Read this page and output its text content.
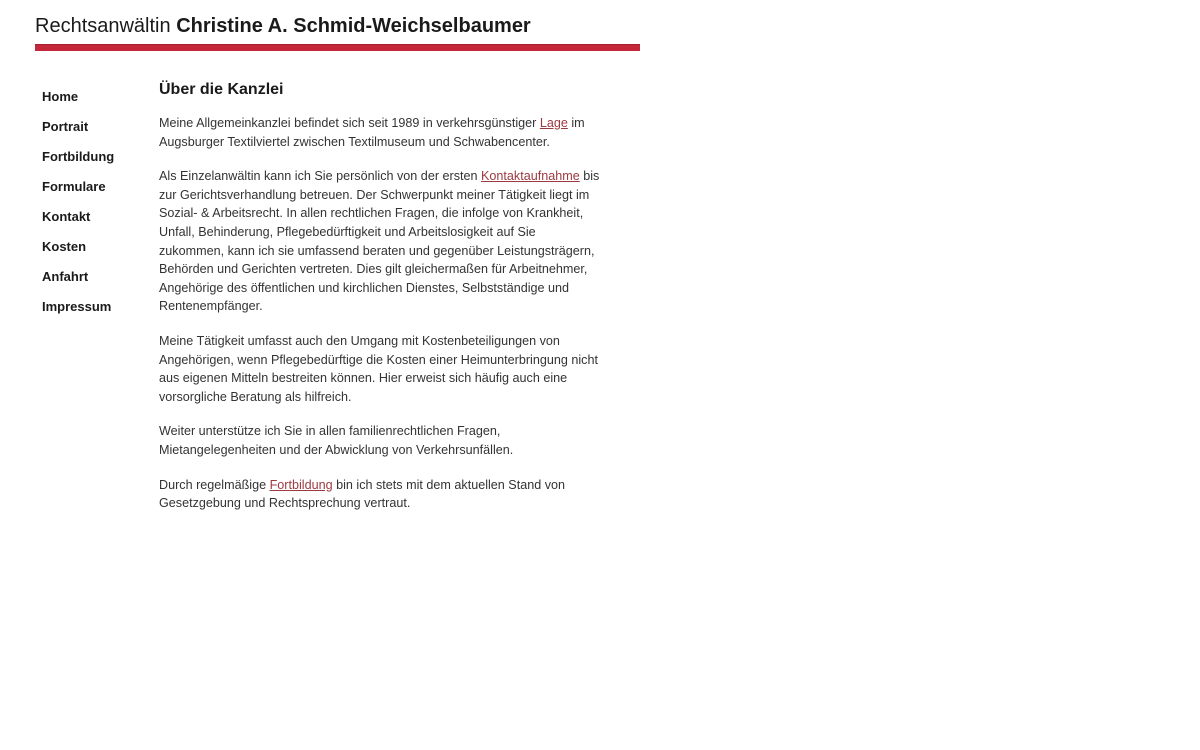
Rechtsanwältin Christine A. Schmid-Weichselbaumer
Home
Portrait
Fortbildung
Formulare
Kontakt
Kosten
Anfahrt
Impressum
Über die Kanzlei

Meine Allgemeinkanzlei befindet sich seit 1989 in verkehrsgünstiger Lage im Augsburger Textilviertel zwischen Textilmuseum und Schwabencenter.

Als Einzelanwältin kann ich Sie persönlich von der ersten Kontaktaufnahme bis zur Gerichtsverhandlung betreuen. Der Schwerpunkt meiner Tätigkeit liegt im Sozial- & Arbeitsrecht. In allen rechtlichen Fragen, die infolge von Krankheit, Unfall, Behinderung, Pflegebedürftigkeit und Arbeitslosigkeit auf Sie zukommen, kann ich sie umfassend beraten und gegenüber Leistungsträgern, Behörden und Gerichten vertreten. Dies gilt gleichermaßen für Arbeitnehmer, Angehörige des öffentlichen und kirchlichen Dienstes, Selbstständige und Rentenempfänger.

Meine Tätigkeit umfasst auch den Umgang mit Kostenbeteiligungen von Angehörigen, wenn Pflegebedürftige die Kosten einer Heimunterbringung nicht aus eigenen Mitteln bestreiten können. Hier erweist sich häufig auch eine vorsorgliche Beratung als hilfreich.

Weiter unterstütze ich Sie in allen familienrechtlichen Fragen, Mietangelegenheiten und der Abwicklung von Verkehrsunfällen.

Durch regelmäßige Fortbildung bin ich stets mit dem aktuellen Stand von Gesetzgebung und Rechtsprechung vertraut.
